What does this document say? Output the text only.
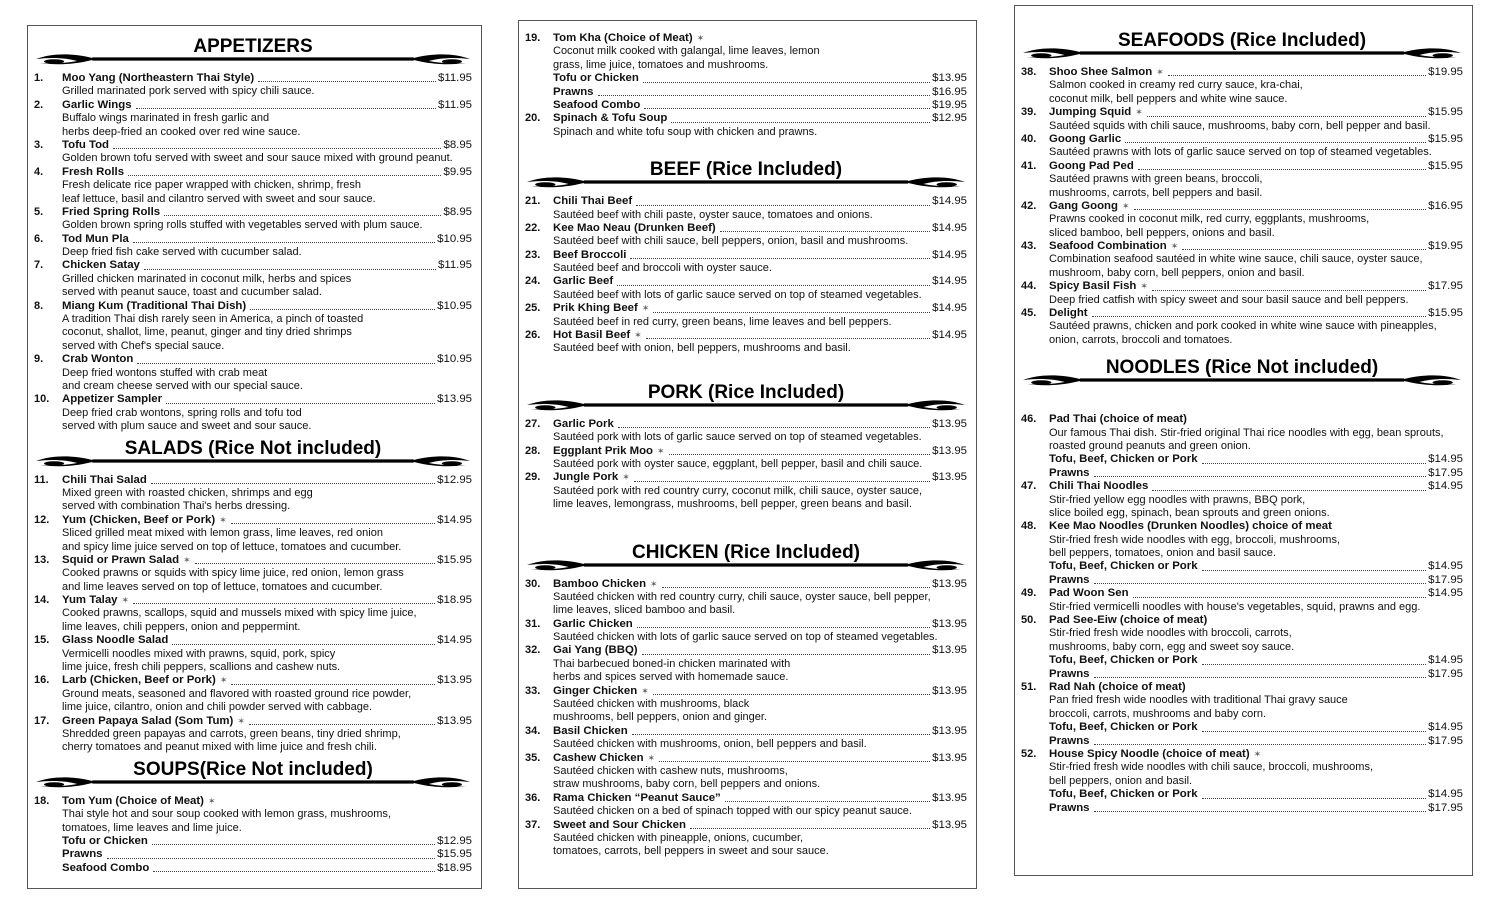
APPETIZERS
1.	Moo Yang (Northeastern Thai Style)	$11.95
Grilled marinated pork served with spicy chili sauce.
2.	Garlic Wings	$11.95
Buffalo wings marinated in fresh garlic and
herbs deep-fried an cooked over red wine sauce.
3.	Tofu Tod	$8.95
Golden brown tofu served with sweet and sour sauce mixed with ground peanut.
4.	Fresh Rolls	$9.95
Fresh delicate rice paper wrapped with chicken, shrimp, fresh
leaf lettuce, basil and cilantro served with sweet and sour sauce.
5.	Fried Spring Rolls	$8.95
Golden brown spring rolls stuffed with vegetables served with plum sauce.
6.	Tod Mun Pla	$10.95
Deep fried fish cake served with cucumber salad.
7.	Chicken Satay	$11.95
Grilled chicken marinated in coconut milk, herbs and spices
served with peanut sauce, toast and cucumber salad.
8.	Miang Kum (Traditional Thai Dish)	$10.95
A tradition Thai dish rarely seen in America, a pinch of toasted
coconut, shallot, lime, peanut, ginger and tiny dried shrimps
served with Chef's special sauce.
9.	Crab Wonton	$10.95
Deep fried wontons stuffed with crab meat
and cream cheese served with our special sauce.
10.	Appetizer Sampler	$13.95
Deep fried crab wontons, spring rolls and tofu tod
served with plum sauce and sweet and sour sauce.
SALADS (Rice Not included)
11.	Chili Thai Salad	$12.95
Mixed green with roasted chicken, shrimps and egg
served with combination Thai's herbs dressing.
12.	Yum (Chicken, Beef or Pork) ✶	$14.95
Sliced grilled meat mixed with lemon grass, lime leaves, red onion
and spicy lime juice served on top of lettuce, tomatoes and cucumber.
13.	Squid or Prawn Salad ✶	$15.95
Cooked prawns or squids with spicy lime juice, red onion, lemon grass
and lime leaves served on top of lettuce, tomatoes and cucumber.
14.	Yum Talay ✶	$18.95
Cooked prawns, scallops, squid and mussels mixed with spicy lime juice,
lime leaves, chili peppers, onion and peppermint.
15.	Glass Noodle Salad	$14.95
Vermicelli noodles mixed with prawns, squid, pork, spicy
lime juice, fresh chili peppers, scallions and cashew nuts.
16.	Larb (Chicken, Beef or Pork) ✶	$13.95
Ground meats, seasoned and flavored with roasted ground rice powder,
lime juice, cilantro, onion and chili powder served with cabbage.
17.	Green Papaya Salad (Som Tum) ✶	$13.95
Shredded green papayas and carrots, green beans, tiny dried shrimp,
cherry tomatoes and peanut mixed with lime juice and fresh chili.
SOUPS(Rice Not included)
18.	Tom Yum (Choice of Meat) ✶
Thai style hot and sour soup cooked with lemon grass, mushrooms,
tomatoes, lime leaves and lime juice.
Tofu or Chicken	$12.95
Prawns	$15.95
Seafood Combo	$18.95
19.	Tom Kha (Choice of Meat) ✶
Coconut milk cooked with galangal, lime leaves, lemon
grass, lime juice, tomatoes and mushrooms.
Tofu or Chicken	$13.95
Prawns	$16.95
Seafood Combo	$19.95
20.	Spinach & Tofu Soup	$12.95
Spinach and white tofu soup with chicken and prawns.
BEEF (Rice Included)
21.	Chili Thai Beef	$14.95
Sautéed beef with chili paste, oyster sauce, tomatoes and onions.
22.	Kee Mao Neau (Drunken Beef)	$14.95
Sautéed beef with chili sauce, bell peppers, onion, basil and mushrooms.
23.	Beef Broccoli	$14.95
Sautéed beef and broccoli with oyster sauce.
24.	Garlic Beef	$14.95
Sautéed beef with lots of garlic sauce served on top of steamed vegetables.
25.	Prik Khing Beef ✶	$14.95
Sautéed beef in red curry, green beans, lime leaves and bell peppers.
26.	Hot Basil Beef ✶	$14.95
Sautéed beef with onion, bell peppers, mushrooms and basil.
PORK (Rice Included)
27.	Garlic Pork	$13.95
Sautéed pork with lots of garlic sauce served on top of steamed vegetables.
28.	Eggplant Prik Moo ✶	$13.95
Sautéed pork with oyster sauce, eggplant, bell pepper, basil and chili sauce.
29.	Jungle Pork ✶	$13.95
Sautéed pork with red country curry, coconut milk, chili sauce, oyster sauce,
lime leaves, lemongrass, mushrooms, bell pepper, green beans and basil.
CHICKEN (Rice Included)
30.	Bamboo Chicken ✶	$13.95
Sautéed chicken with red country curry, chili sauce, oyster sauce, bell pepper,
lime leaves, sliced bamboo and basil.
31.	Garlic Chicken	$13.95
Sautéed chicken with lots of garlic sauce served on top of steamed vegetables.
32.	Gai Yang (BBQ)	$13.95
Thai barbecued boned-in chicken marinated with
herbs and spices served with homemade sauce.
33.	Ginger Chicken ✶	$13.95
Sautéed chicken with mushrooms, black
mushrooms, bell peppers, onion and ginger.
34.	Basil Chicken	$13.95
Sautéed chicken with mushrooms, onion, bell peppers and basil.
35.	Cashew Chicken ✶	$13.95
Sautéed chicken with cashew nuts, mushrooms,
straw mushrooms, baby corn, bell peppers and onions.
36.	Rama Chicken “Peanut Sauce”	$13.95
Sautéed chicken on a bed of spinach topped with our spicy peanut sauce.
37.	Sweet and Sour Chicken	$13.95
Sautéed chicken with pineapple, onions, cucumber,
tomatoes, carrots, bell peppers in sweet and sour sauce.
SEAFOODS (Rice Included)
38.	Shoo Shee Salmon ✶	$19.95
Salmon cooked in creamy red curry sauce, kra-chai,
coconut milk, bell peppers and white wine sauce.
39.	Jumping Squid ✶	$15.95
Sautéed squids with chili sauce, mushrooms, baby corn, bell pepper and basil.
40.	Goong Garlic	$15.95
Sautéed prawns with lots of garlic sauce served on top of steamed vegetables.
41.	Goong Pad Ped	$15.95
Sautéed prawns with green beans, broccoli,
mushrooms, carrots, bell peppers and basil.
42.	Gang Goong ✶	$16.95
Prawns cooked in coconut milk, red curry, eggplants, mushrooms,
sliced bamboo, bell peppers, onions and basil.
43.	Seafood Combination ✶	$19.95
Combination seafood sautéed in white wine sauce, chili sauce, oyster sauce,
mushroom, baby corn, bell peppers, onion and basil.
44.	Spicy Basil Fish ✶	$17.95
Deep fried catfish with spicy sweet and sour basil sauce and bell peppers.
45.	Delight	$15.95
Sautéed prawns, chicken and pork cooked in white wine sauce with pineapples,
onion, carrots, broccoli and tomatoes.
NOODLES (Rice Not included)
46.	Pad Thai (choice of meat)
Our famous Thai dish. Stir-fried original Thai rice noodles with egg, bean sprouts,
roasted ground peanuts and green onion.
Tofu, Beef, Chicken or Pork	$14.95
Prawns	$17.95
47.	Chili Thai Noodles	$14.95
Stir-fried yellow egg noodles with prawns, BBQ pork,
slice boiled egg, spinach, bean sprouts and green onions.
48.	Kee Mao Noodles (Drunken Noodles) choice of meat
Stir-fried fresh wide noodles with egg, broccoli, mushrooms,
bell peppers, tomatoes, onion and basil sauce.
Tofu, Beef, Chicken or Pork	$14.95
Prawns	$17.95
49.	Pad Woon Sen	$14.95
Stir-fried vermicelli noodles with house's vegetables, squid, prawns and egg.
50.	Pad See-Eiw (choice of meat)
Stir-fried fresh wide noodles with broccoli, carrots,
mushrooms, baby corn, egg and sweet soy sauce.
Tofu, Beef, Chicken or Pork	$14.95
Prawns	$17.95
51.	Rad Nah (choice of meat)
Pan fried fresh wide noodles with traditional Thai gravy sauce
broccoli, carrots, mushrooms and baby corn.
Tofu, Beef, Chicken or Pork	$14.95
Prawns	$17.95
52.	House Spicy Noodle (choice of meat) ✶
Stir-fried fresh wide noodles with chili sauce, broccoli, mushrooms,
bell peppers, onion and basil.
Tofu, Beef, Chicken or Pork	$14.95
Prawns	$17.95
